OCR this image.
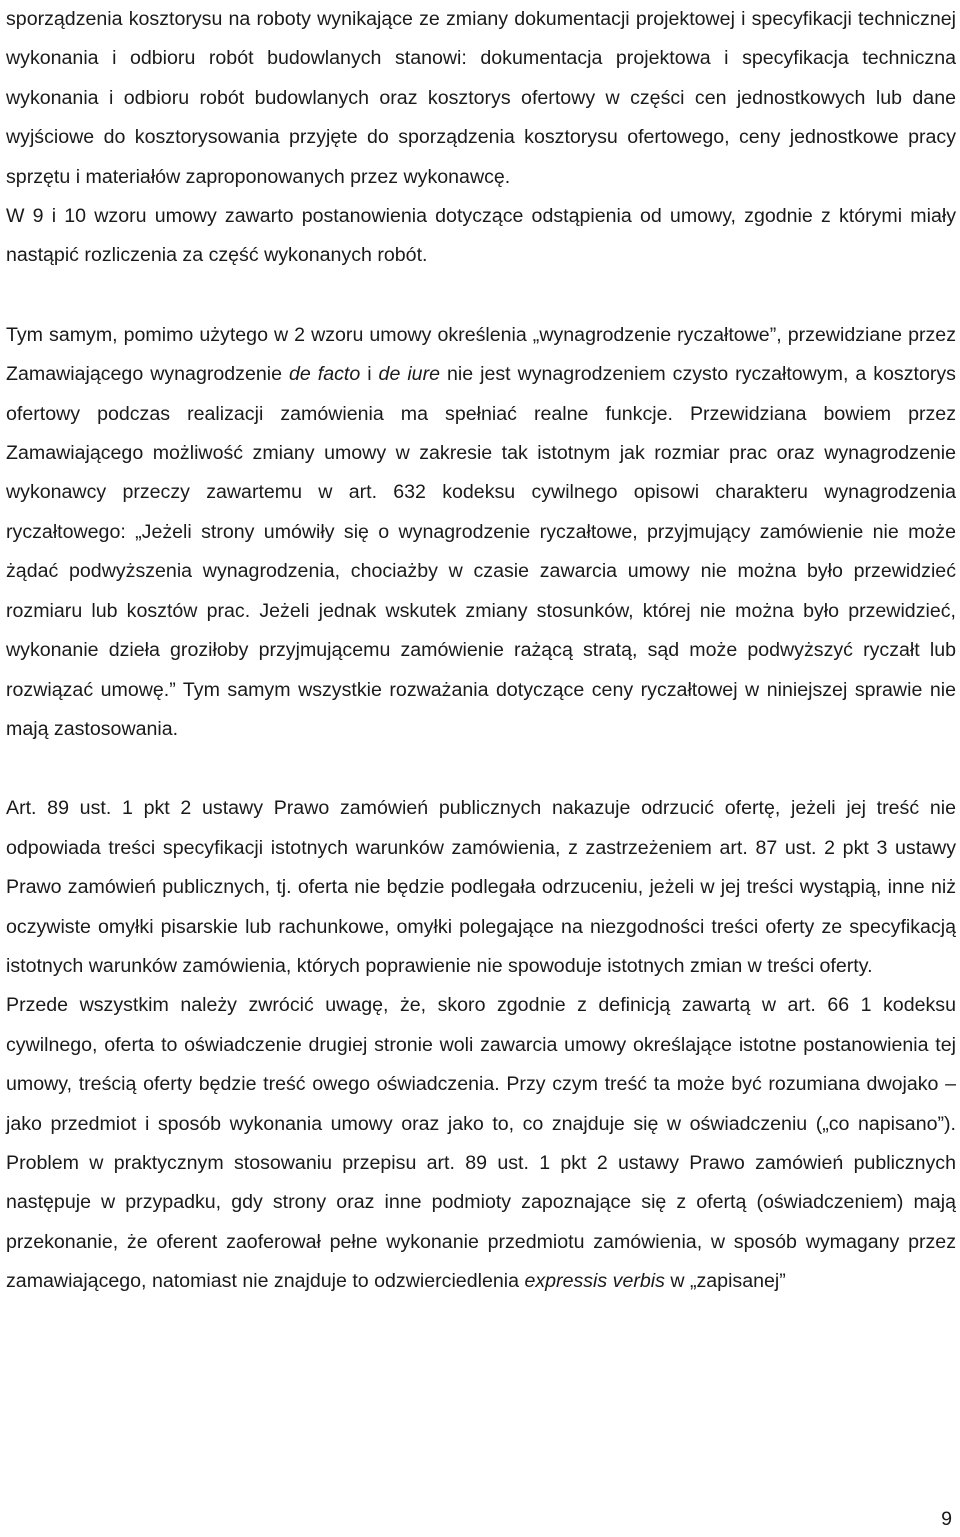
sporządzenia kosztorysu na roboty wynikające ze zmiany dokumentacji projektowej i specyfikacji technicznej wykonania i odbioru robót budowlanych stanowi: dokumentacja projektowa i specyfikacja techniczna wykonania i odbioru robót budowlanych oraz kosztorys ofertowy w części cen jednostkowych lub dane wyjściowe do kosztorysowania przyjęte do sporządzenia kosztorysu ofertowego, ceny jednostkowe pracy sprzętu i materiałów zaproponowanych przez wykonawcę.

W 9 i 10 wzoru umowy zawarto postanowienia dotyczące odstąpienia od umowy, zgodnie z którymi miały nastąpić rozliczenia za część wykonanych robót.

Tym samym, pomimo użytego w 2 wzoru umowy określenia „wynagrodzenie ryczałtowe”, przewidziane przez Zamawiającego wynagrodzenie de facto i de iure nie jest wynagrodzeniem czysto ryczałtowym, a kosztorys ofertowy podczas realizacji zamówienia ma spełniać realne funkcje. Przewidziana bowiem przez Zamawiającego możliwość zmiany umowy w zakresie tak istotnym jak rozmiar prac oraz wynagrodzenie wykonawcy przeczy zawartemu w art. 632 kodeksu cywilnego opisowi charakteru wynagrodzenia ryczałtowego: „Jeżeli strony umówiły się o wynagrodzenie ryczałtowe, przyjmujący zamówienie nie może żądać podwyższenia wynagrodzenia, chociażby w czasie zawarcia umowy nie można było przewidzieć rozmiaru lub kosztów prac. Jeżeli jednak wskutek zmiany stosunków, której nie można było przewidzieć, wykonanie dzieła groziłoby przyjmującemu zamówienie rażącą stratą, sąd może podwyższyć ryczałt lub rozwiązać umowę.” Tym samym wszystkie rozważania dotyczące ceny ryczałtowej w niniejszej sprawie nie mają zastosowania.

Art. 89 ust. 1 pkt 2 ustawy Prawo zamówień publicznych nakazuje odrzucić ofertę, jeżeli jej treść nie odpowiada treści specyfikacji istotnych warunków zamówienia, z zastrzeżeniem art. 87 ust. 2 pkt 3 ustawy Prawo zamówień publicznych, tj. oferta nie będzie podlegała odrzuceniu, jeżeli w jej treści wystąpią, inne niż oczywiste omyłki pisarskie lub rachunkowe, omyłki polegające na niezgodności treści oferty ze specyfikacją istotnych warunków zamówienia, których poprawienie nie spowoduje istotnych zmian w treści oferty.

Przede wszystkim należy zwrócić uwagę, że, skoro zgodnie z definicją zawartą w art. 66 1 kodeksu cywilnego, oferta to oświadczenie drugiej stronie woli zawarcia umowy określające istotne postanowienia tej umowy, treścią oferty będzie treść owego oświadczenia. Przy czym treść ta może być rozumiana dwojako – jako przedmiot i sposób wykonania umowy oraz jako to, co znajduje się w oświadczeniu („co napisano”). Problem w praktycznym stosowaniu przepisu art. 89 ust. 1 pkt 2 ustawy Prawo zamówień publicznych następuje w przypadku, gdy strony oraz inne podmioty zapoznające się z ofertą (oświadczeniem) mają przekonanie, że oferent zaoferował pełne wykonanie przedmiotu zamówienia, w sposób wymagany przez zamawiającego, natomiast nie znajduje to odzwierciedlenia expressis verbis w „zapisanej”

9
